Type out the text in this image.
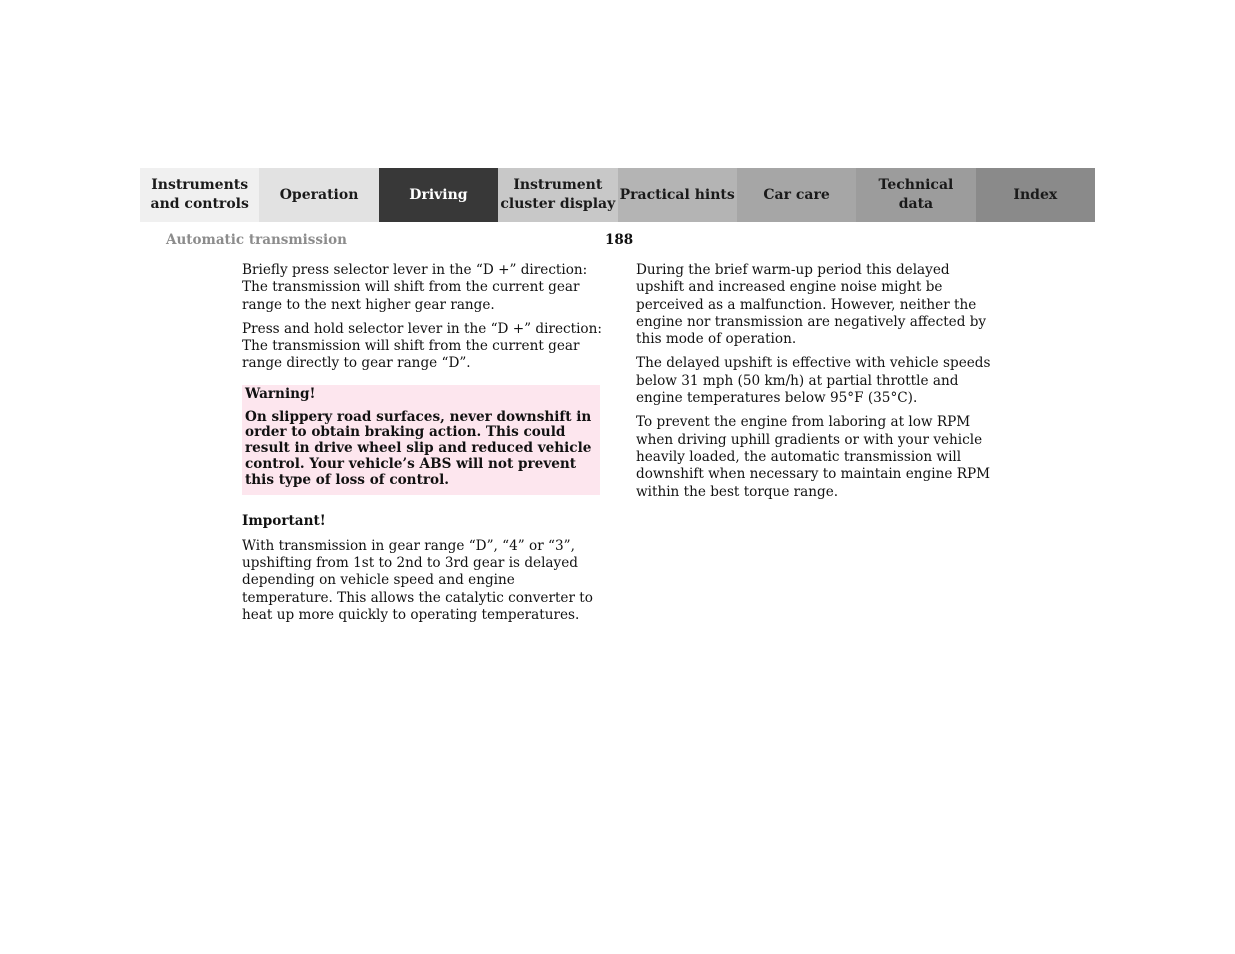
Instruments
and controls
Operation	Driving
Instrument
cluster display
Practical hints Car care
Technical
data
Index
Automatic transmission	188

Briefly press selector lever in the “D +” direction:
The transmission will shift from the current gear range to the next higher gear range.

Press and hold selector lever in the “D +” direction:
The transmission will shift from the current gear range directly to gear range “D”.

Warning!

On slippery road surfaces, never downshift in order to obtain braking action. This could result in drive wheel slip and reduced vehicle control. Your vehicle’s ABS will not prevent this type of loss of control.

Important!

With transmission in gear range “D”, “4” or “3”, upshifting from 1st to 2nd to 3rd gear is delayed depending on vehicle speed and engine temperature. This allows the catalytic converter to heat up more quickly to operating temperatures.

During the brief warm-up period this delayed upshift and increased engine noise might be perceived as a malfunction. However, neither the engine nor transmission are negatively affected by this mode of operation.

The delayed upshift is effective with vehicle speeds below 31 mph (50 km/h) at partial throttle and engine temperatures below 95°F (35°C).

To prevent the engine from laboring at low RPM when driving uphill gradients or with your vehicle heavily loaded, the automatic transmission will downshift when necessary to maintain engine RPM within the best torque range.
